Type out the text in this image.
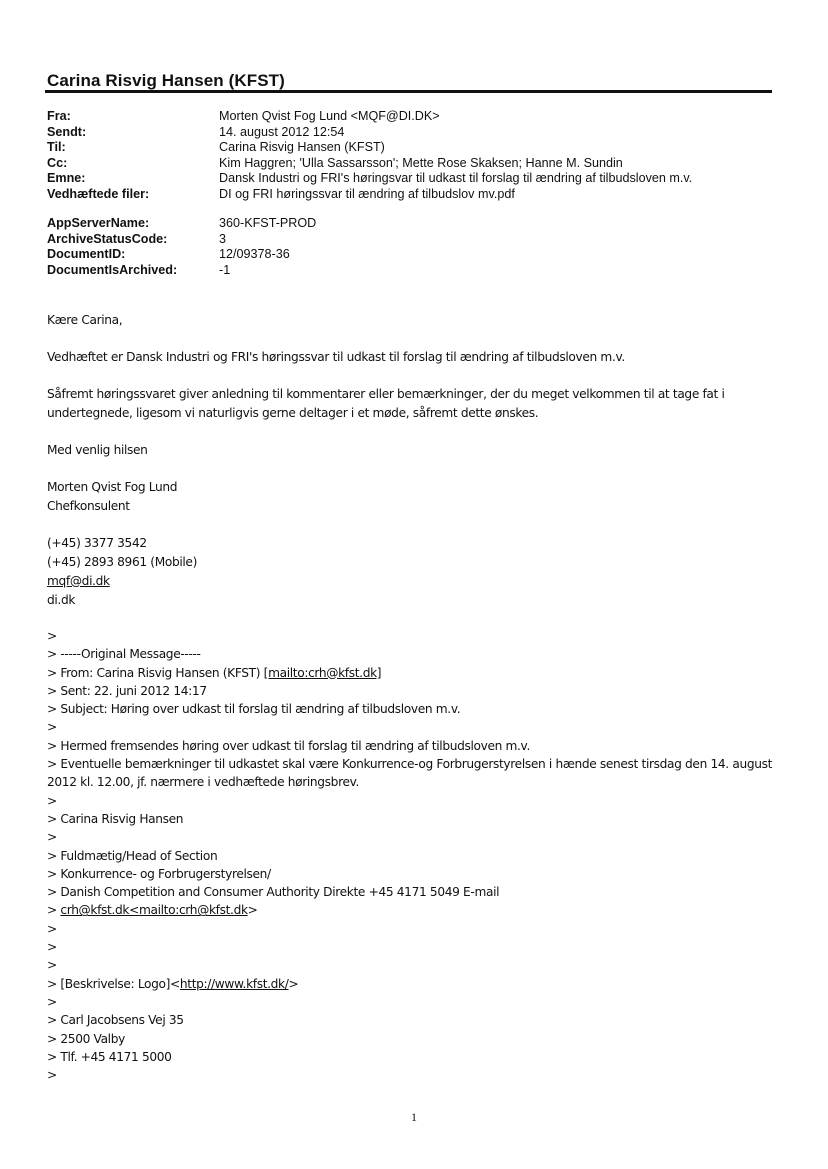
Carina Risvig Hansen (KFST)
Fra:	Morten Qvist Fog Lund <MQF@DI.DK>
Sendt:	14. august 2012 12:54
Til:	Carina Risvig Hansen (KFST)
Cc:	Kim Haggren; 'Ulla Sassarsson'; Mette Rose Skaksen; Hanne M. Sundin
Emne:	Dansk Industri og FRI's høringsvar til udkast til forslag til ændring af tilbudsloven m.v.
Vedhæftede filer:	DI og FRI høringssvar til ændring af tilbudslov mv.pdf
AppServerName:	360-KFST-PROD
ArchiveStatusCode:	3
DocumentID:	12/09378-36
DocumentIsArchived:	-1

Kære Carina,

Vedhæftet er Dansk Industri og FRI's høringssvar til udkast til forslag til ændring af tilbudsloven m.v.

Såfremt høringssvaret giver anledning til kommentarer eller bemærkninger, der du meget velkommen til at tage fat i undertegnede, ligesom vi naturligvis gerne deltager i et møde, såfremt dette ønskes.

Med venlig hilsen

Morten Qvist Fog Lund

Chefkonsulent

(+45) 3377 3542

(+45) 2893 8961 (Mobile)

mqf@di.dk

di.dk

>
> -----Original Message-----
> From: Carina Risvig Hansen (KFST) [mailto:crh@kfst.dk]
> Sent: 22. juni 2012 14:17
> Subject: Høring over udkast til forslag til ændring af tilbudsloven m.v.
>
> Hermed fremsendes høring over udkast til forslag til ændring af tilbudsloven m.v.
> Eventuelle bemærkninger til udkastet skal være Konkurrence-og Forbrugerstyrelsen i hænde senest tirsdag den 14. august 2012 kl. 12.00, jf. nærmere i vedhæftede høringsbrev.
>
> Carina Risvig Hansen
>
> Fuldmætig/Head of Section
> Konkurrence- og Forbrugerstyrelsen/
> Danish Competition and Consumer Authority Direkte +45 4171 5049 E-mail
> crh@kfst.dk<mailto:crh@kfst.dk>
>
>
>
> [Beskrivelse: Logo]<http://www.kfst.dk/>
>
> Carl Jacobsens Vej 35
> 2500 Valby
> Tlf. +45 4171 5000
>
1
